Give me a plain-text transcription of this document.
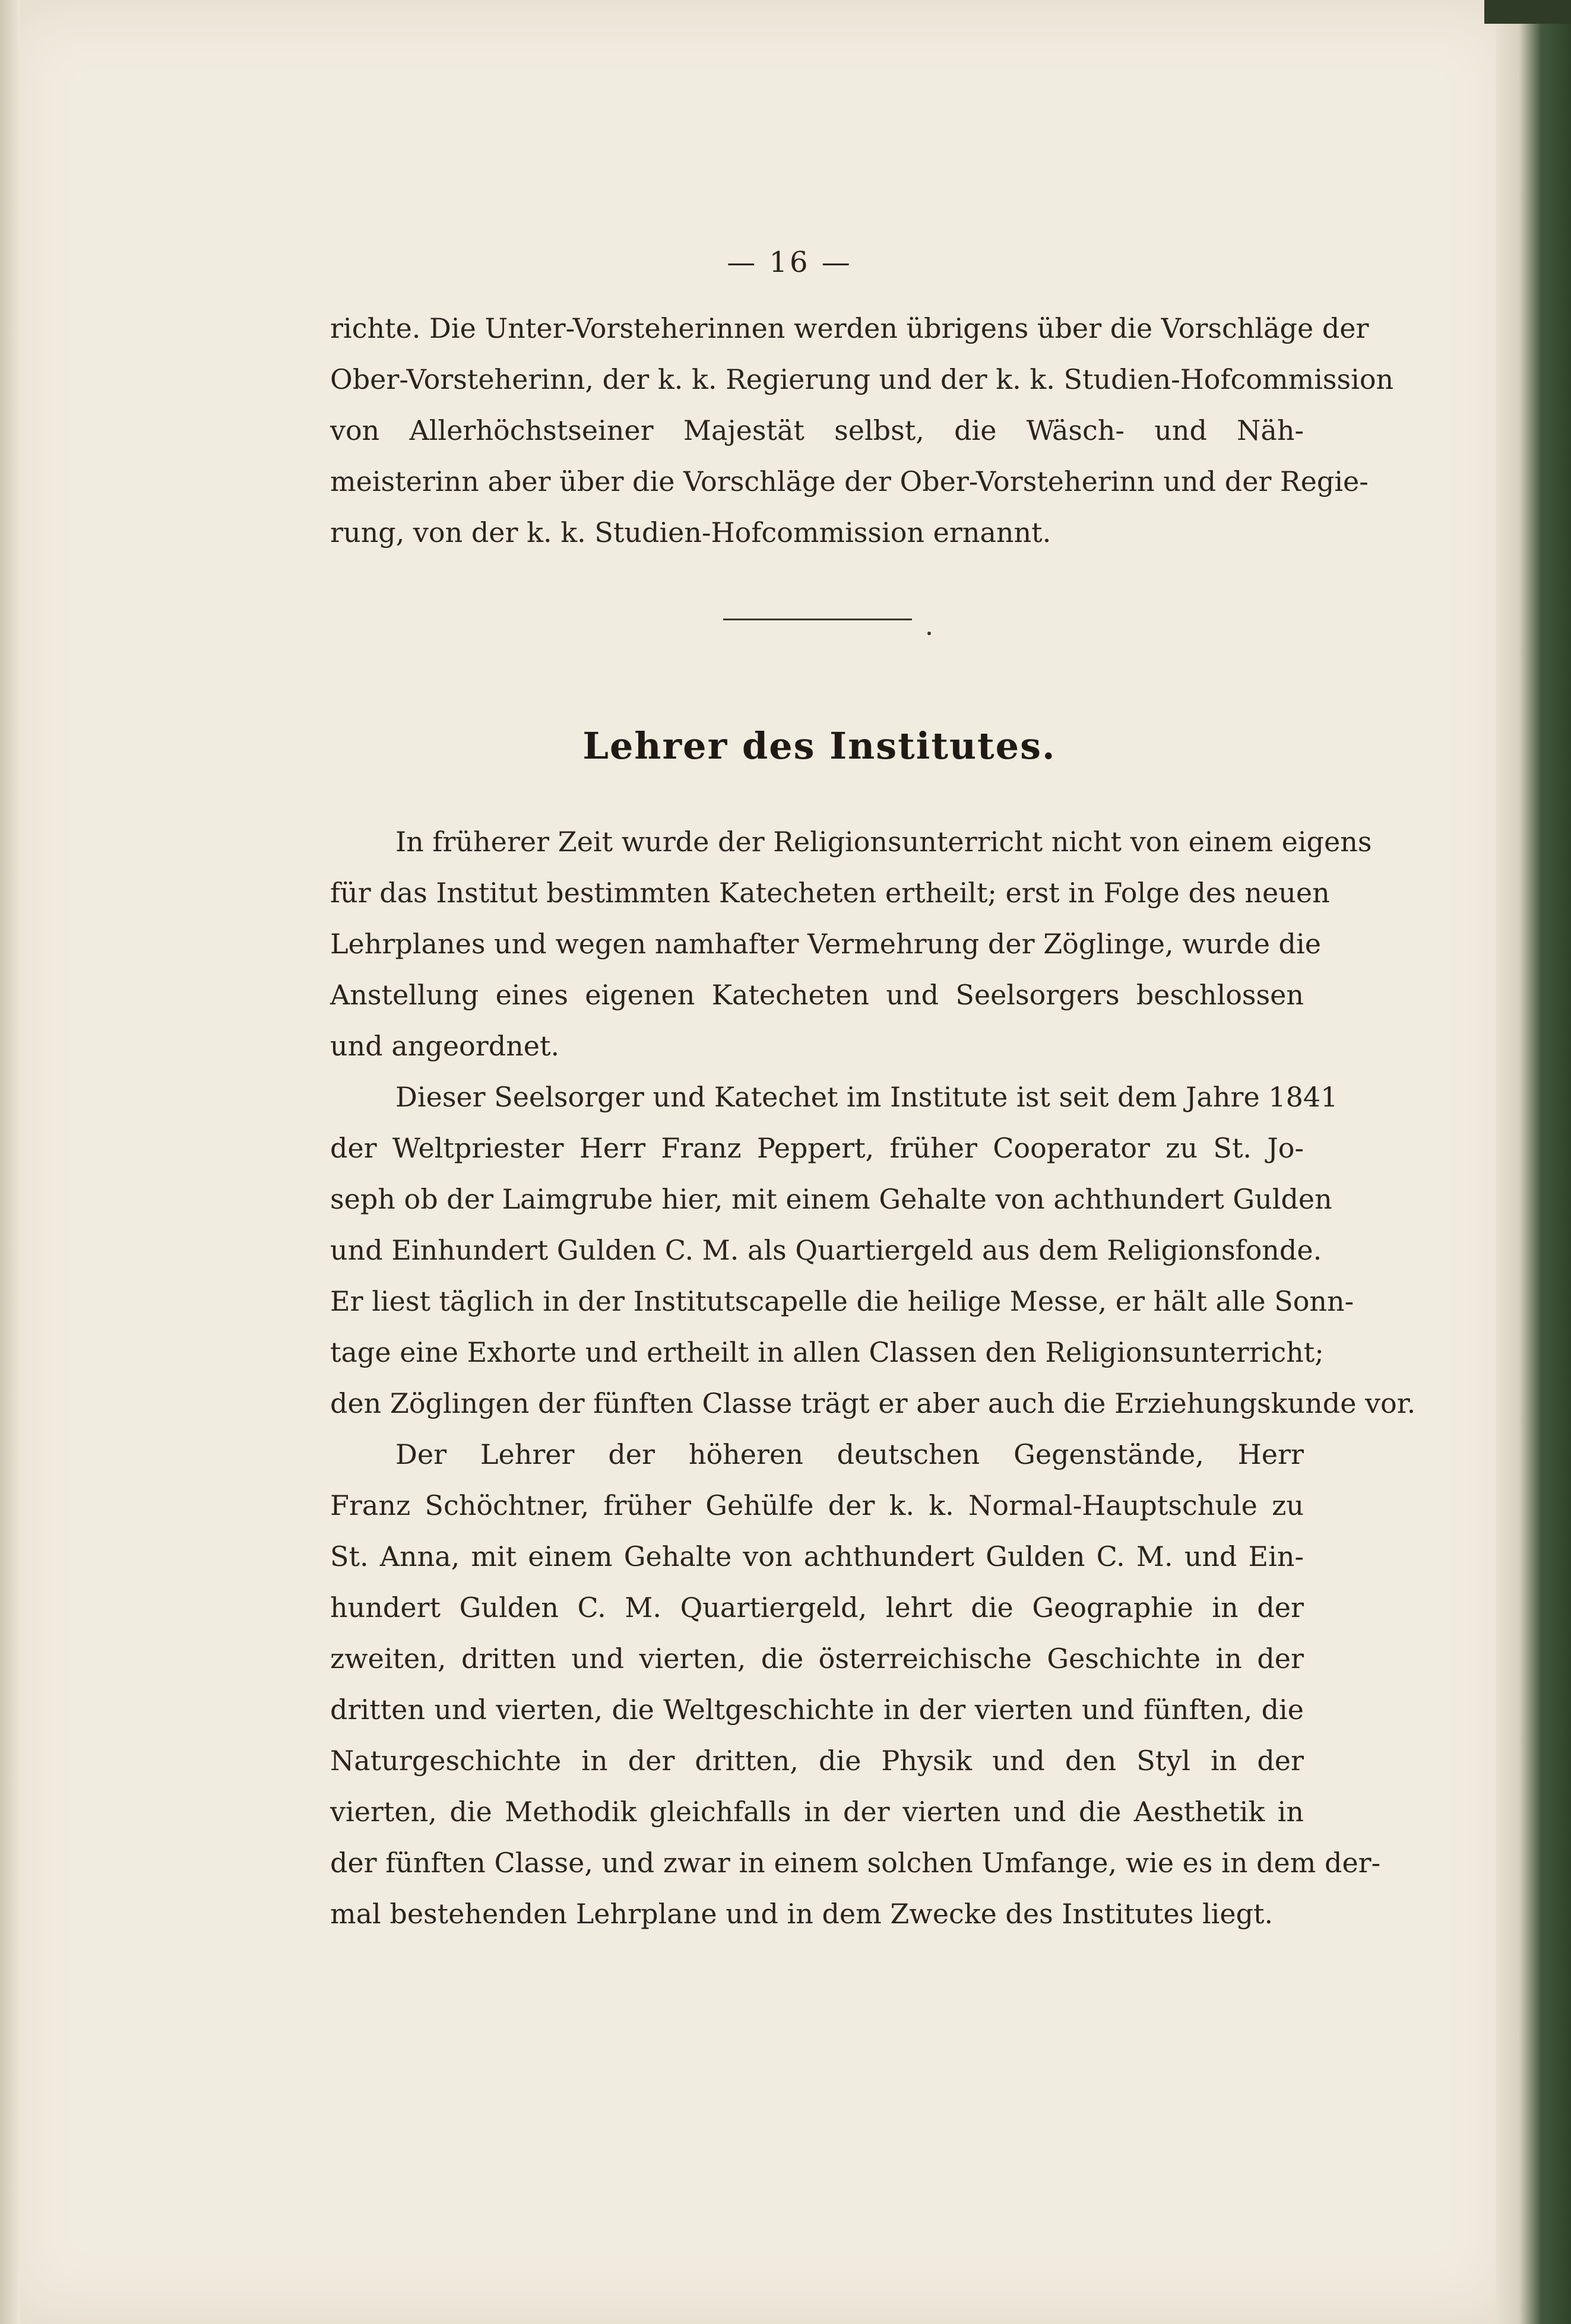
— 16 —
richte. Die Unter-Vorsteherinnen werden übrigens über die Vorschläge der
Ober-Vorsteherinn, der k. k. Regierung und der k. k. Studien-Hofcommission
von Allerhöchstseiner Majestät selbst, die Wäsch- und Näh-
meisterinn aber über die Vorschläge der Ober-Vorsteherinn und der Regie-
rung, von der k. k. Studien-Hofcommission ernannt.
Lehrer des Institutes.
In früherer Zeit wurde der Religionsunterricht nicht von einem eigens
für das Institut bestimmten Katecheten ertheilt; erst in Folge des neuen
Lehrplanes und wegen namhafter Vermehrung der Zöglinge, wurde die
Anstellung eines eigenen Katecheten und Seelsorgers beschlossen
und angeordnet.
Dieser Seelsorger und Katechet im Institute ist seit dem Jahre 1841
der Weltpriester Herr Franz Peppert, früher Cooperator zu St. Jo-
seph ob der Laimgrube hier, mit einem Gehalte von achthundert Gulden
und Einhundert Gulden C. M. als Quartiergeld aus dem Religionsfonde.
Er liest täglich in der Institutscapelle die heilige Messe, er hält alle Sonn-
tage eine Exhorte und ertheilt in allen Classen den Religionsunterricht;
den Zöglingen der fünften Classe trägt er aber auch die Erziehungskunde vor.
Der Lehrer der höheren deutschen Gegenstände, Herr
Franz Schöchtner, früher Gehülfe der k. k. Normal-Hauptschule zu
St. Anna, mit einem Gehalte von achthundert Gulden C. M. und Ein-
hundert Gulden C. M. Quartiergeld, lehrt die Geographie in der
zweiten, dritten und vierten, die österreichische Geschichte in der
dritten und vierten, die Weltgeschichte in der vierten und fünften, die
Naturgeschichte in der dritten, die Physik und den Styl in der
vierten, die Methodik gleichfalls in der vierten und die Aesthetik in
der fünften Classe, und zwar in einem solchen Umfange, wie es in dem der-
mal bestehenden Lehrplane und in dem Zwecke des Institutes liegt.
